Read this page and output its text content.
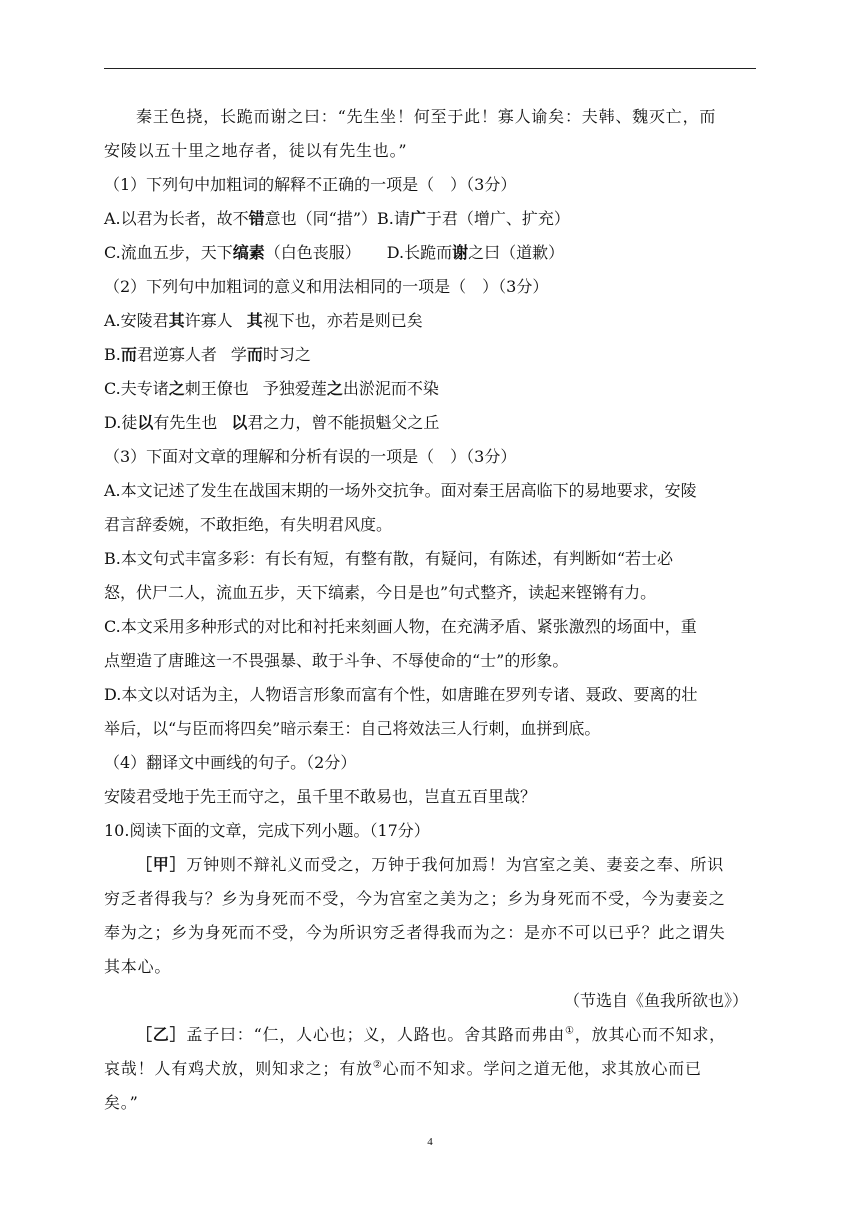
秦王色挠，长跪而谢之曰：“先生坐！何至于此！寡人谕矣：夫韩、魏灭亡，而
安陵以五十里之地存者，徒以有先生也。”
（1）下列句中加粗词的解释不正确的一项是（　）（3分）
A.以君为长者，故不错意也（同“措”）B.请广于君（增广、扩充）
C.流血五步，天下缟素（白色丧服） D.长跪而谢之曰（道歉）
（2）下列句中加粗词的意义和用法相同的一项是（　）（3分）
A.安陵君其许寡人 其视下也，亦若是则已矣
B.而君逆寡人者 学而时习之
C.夫专诸之刺王僚也 予独爱莲之出淤泥而不染
D.徒以有先生也 以君之力，曾不能损魁父之丘
（3）下面对文章的理解和分析有误的一项是（　）（3分）
A.本文记述了发生在战国末期的一场外交抗争。面对秦王居高临下的易地要求，安陵
君言辞委婉，不敢拒绝，有失明君风度。
B.本文句式丰富多彩：有长有短，有整有散，有疑问，有陈述，有判断如“若士必
怒，伏尸二人，流血五步，天下缟素，今日是也”句式整齐，读起来铿锵有力。
C.本文采用多种形式的对比和衬托来刻画人物，在充满矛盾、紧张激烈的场面中，重
点塑造了唐雎这一不畏强暴、敢于斗争、不辱使命的“士”的形象。
D.本文以对话为主，人物语言形象而富有个性，如唐雎在罗列专诸、聂政、要离的壮
举后，以“与臣而将四矣”暗示秦王：自己将效法三人行刺，血拼到底。
（4）翻译文中画线的句子。（2分）
安陵君受地于先王而守之，虽千里不敢易也，岂直五百里哉？
10.阅读下面的文章，完成下列小题。（17分）
［甲］万钟则不辩礼义而受之，万钟于我何加焉！为宫室之美、妻妾之奉、所识
穷乏者得我与？乡为身死而不受，今为宫室之美为之；乡为身死而不受，今为妻妾之
奉为之；乡为身死而不受，今为所识穷乏者得我而为之：是亦不可以已乎？此之谓失
其本心。
（节选自《鱼我所欲也》）
［乙］孟子曰：“仁，人心也；义，人路也。舍其路而弗由①，放其心而不知求，
哀哉！人有鸡犬放，则知求之；有放②心而不知求。学问之道无他，求其放心而已
矣。”
4
